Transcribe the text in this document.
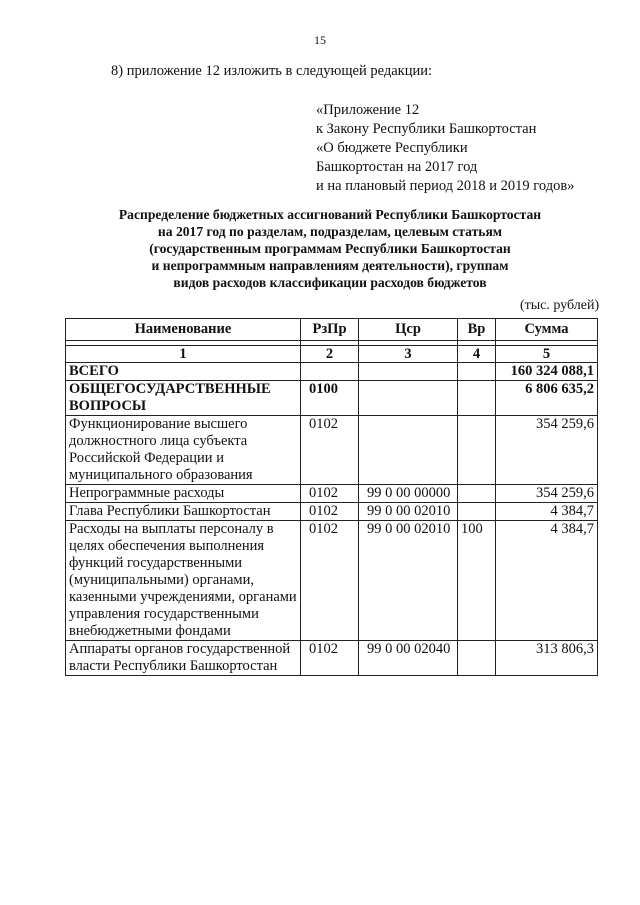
15
8) приложение 12 изложить в следующей редакции:
«Приложение 12
к Закону Республики Башкортостан
«О бюджете Республики
Башкортостан на 2017 год
и на плановый период 2018 и 2019 годов»
Распределение бюджетных ассигнований Республики Башкортостан
на 2017 год по разделам, подразделам, целевым статьям
(государственным программам Республики Башкортостан
и непрограммным направлениям деятельности), группам
видов расходов классификации расходов бюджетов
(тыс. рублей)
Наименование	РзПр	Цср	Вр	Сумма

1	2	3	4	5
ВСЕГО				160 324 088,1
ОБЩЕГОСУДАРСТВЕННЫЕ ВОПРОСЫ	0100			6 806 635,2
Функционирование высшего должностного лица субъекта Российской Федерации и муниципального образования	0102			354 259,6
Непрограммные расходы	0102	99 0 00 00000		354 259,6
Глава Республики Башкортостан	0102	99 0 00 02010		4 384,7
Расходы на выплаты персоналу в целях обеспечения выполнения функций государственными (муниципальными) органами, казенными учреждениями, органами управления государственными внебюджетными фондами	0102	99 0 00 02010	100	4 384,7
Аппараты органов государственной власти Республики Башкортостан	0102	99 0 00 02040		313 806,3
